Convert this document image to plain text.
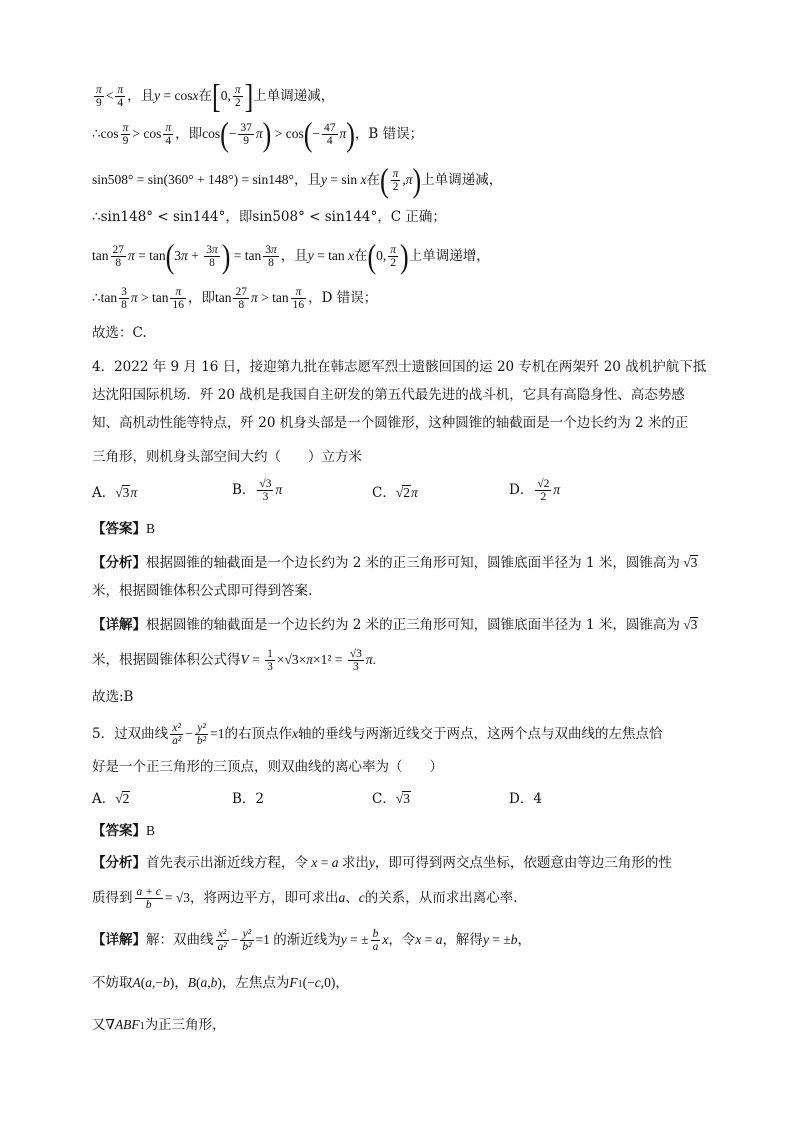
$\frac{\pi}{9} < \frac{\pi}{4}$ ，且y = cosx在[0, $\frac{\pi}{2}$ ]上单调递减，
∴cos $\frac{\pi}{9} > \cos \frac{\pi}{4}$ ，即$\cos(- \frac{37}{9} \pi) > \cos(- \frac{47}{4} \pi)$，B 错误；
sin508° = sin(360° + 148°) = sin148°，且y = sin x在( $\frac{\pi}{2} ,\pi$)上单调递减，
∴sin148° < sin144°，即sin508° < sin144°，C 正确；
$\tan \frac{27}{8}$ $\pi = \tan(3\pi + \frac{3\pi}{8}$ ) = $\tan \frac{3\pi}{8}$ ，且y = tan x在(0, $\frac{\pi}{2}$ )上单调递增，
∴tan $\frac{3}{8}$ $\pi > \tan \frac{\pi}{16}$ ，即$\tan \frac{27}{8}$ $\pi > \tan \frac{\pi}{16}$ ，D 错误；
故选：C.
4．2022 年 9 月 16 日，接迎第九批在韩志愿军烈士遗骸回国的运 20 专机在两架歼 20 战机护航下抵
达沈阳国际机场．歼 20 战机是我国自主研发的第五代最先进的战斗机，它具有高隐身性、高态势感
知、高机动性能等特点，歼 20 机身头部是一个圆锥形，这种圆锥的轴截面是一个边长约为 2 米的正
三角形，则机身头部空间大约（　　）立方米
A．√3π	B． $\frac{√3}{3}$ π	C．√2π	D． $\frac{√2}{2}$ π
【答案】B
【分析】根据圆锥的轴截面是一个边长约为 2 米的正三角形可知，圆锥底面半径为 1 米，圆锥高为 √3
米，根据圆锥体积公式即可得到答案.
【详解】根据圆锥的轴截面是一个边长约为 2 米的正三角形可知，圆锥底面半径为 1 米，圆锥高为 √3
米，根据圆锥体积公式得$V = \frac{1}{3} \times√3\times\pi\times 1^2 = \frac{√3}{3} \pi$.
故选:B
5．过双曲线 $\frac{\text{x²}}{\text{a²}} - \frac{\text{y²}}{\text{b²}} =1$的右顶点作x轴的垂线与两渐近线交于两点，这两个点与双曲线的左焦点恰
好是一个正三角形的三顶点，则双曲线的离心率为（　　）
A．√2	B．2	C．√3	D．4
【答案】B
【分析】首先表示出渐近线方程，令 x = a 求出y，即可得到两交点坐标，依题意由等边三角形的性
质得到 $\frac{a + c}{b} = √3$，将两边平方，即可求出a、c的关系，从而求出离心率.
【详解】解：双曲线 $\frac{\text{x²}}{\text{a²}} - \frac{\text{y²}}{\text{b²}} =1$ 的渐近线为y = ± $\frac{b}{a}$ x，令x = a，解得y = ±b，
不妨取A(a,−b)，B(a,b)，左焦点为F1(−c,0)，
又∇ABF1为正三角形，
